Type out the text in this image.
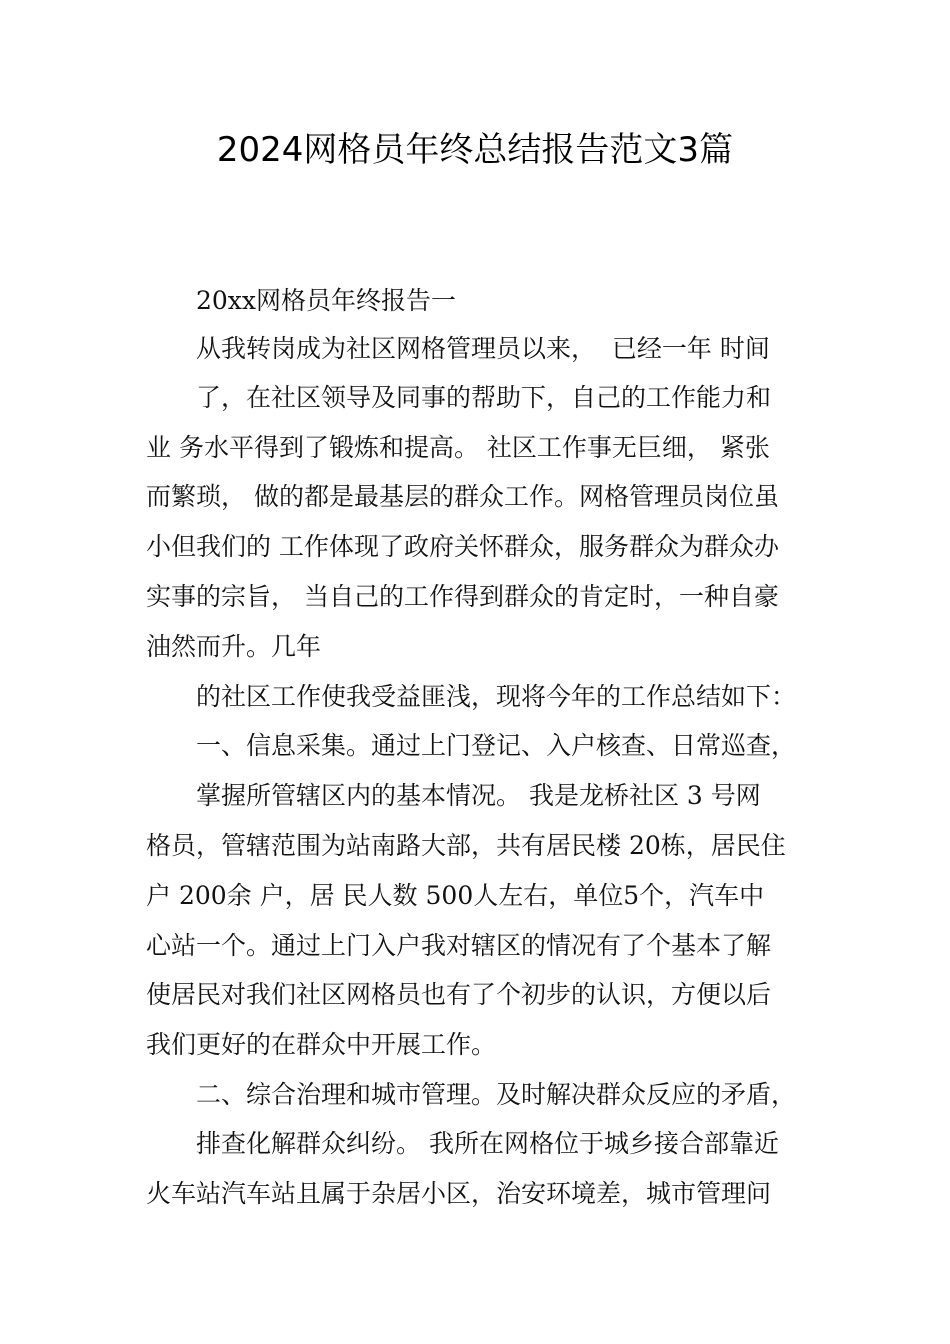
2024网格员年终总结报告范文3篇
20xx网格员年终报告一
从我转岗成为社区网格管理员以来，  已经一年 时间
了，在社区领导及同事的帮助下，自己的工作能力和
业 务水平得到了锻炼和提高。 社区工作事无巨细， 紧张
而繁琐， 做的都是最基层的群众工作。网格管理员岗位虽
小但我们的 工作体现了政府关怀群众，服务群众为群众办
实事的宗旨， 当自己的工作得到群众的肯定时，一种自豪
油然而升。几年
的社区工作使我受益匪浅，现将今年的工作总结如下：
一、信息采集。通过上门登记、入户核查、日常巡查，
掌握所管辖区内的基本情况。 我是龙桥社区 3 号网
格员，管辖范围为站南路大部，共有居民楼 20栋，居民住
户 200余 户，居 民人数 500人左右，单位5个，汽车中
心站一个。通过上门入户我对辖区的情况有了个基本了解
使居民对我们社区网格员也有了个初步的认识，方便以后
我们更好的在群众中开展工作。
二、综合治理和城市管理。及时解决群众反应的矛盾，
排查化解群众纠纷。 我所在网格位于城乡接合部靠近
火车站汽车站且属于杂居小区，治安环境差，城市管理问
